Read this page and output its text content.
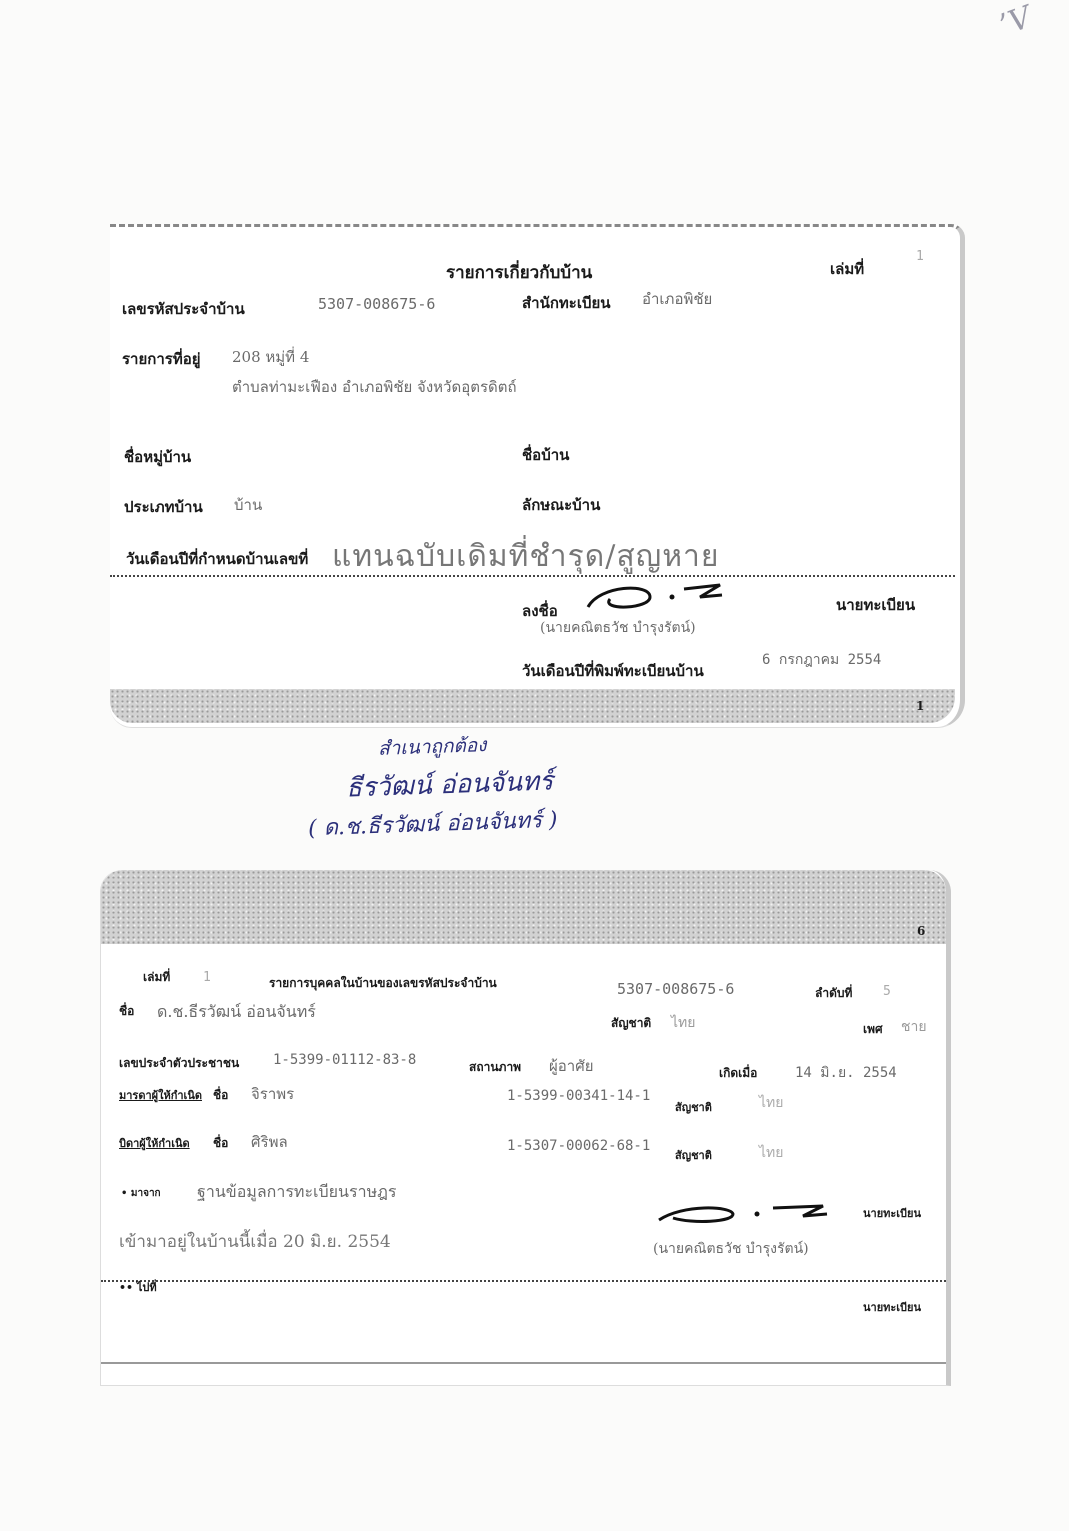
’V
รายการเกี่ยวกับบ้าน	เล่มที่
1
เลขรหัสประจำบ้าน	5307-008675-6	สำนักทะเบียน อำเภอพิชัย
รายการที่อยู่ 208 หมู่ที่ 4
ตำบลท่ามะเฟือง อำเภอพิชัย จังหวัดอุตรดิตถ์
ชื่อหมู่บ้าน	ชื่อบ้าน
ประเภทบ้าน บ้าน	ลักษณะบ้าน
วันเดือนปีที่กำหนดบ้านเลขที่ แทนฉบับเดิมที่ชำรุด/สูญหาย
ลงชื่อ	นายทะเบียน
(นายคณิตธวัช บำรุงรัตน์)
วันเดือนปีที่พิมพ์ทะเบียนบ้าน
6 กรกฎาคม 2554
1
สำเนาถูกต้อง
ธีรวัฒน์ อ่อนจันทร์
( ด.ช.ธีรวัฒน์ อ่อนจันทร์ )
6
เล่มที่	1	รายการบุคคลในบ้านของเลขรหัสประจำบ้าน	5307-008675-6	ลำดับที่ 5
ชื่อ ด.ช.ธีรวัฒน์ อ่อนจันทร์
สัญชาติ ไทย	เพศ ชาย
เลขประจำตัวประชาชน 1-5399-01112-83-8	สถานภาพ ผู้อาศัย	เกิดเมื่อ	14 มิ.ย. 2554
มารดาผู้ให้กำเนิด ชื่อ จิราพร	1-5399-00341-14-1
สัญชาติ	ไทย
บิดาผู้ให้กำเนิด ชื่อ ศิริพล	1-5307-00062-68-1
สัญชาติ	ไทย
• มาจาก ฐานข้อมูลการทะเบียนราษฎร
นายทะเบียน
เข้ามาอยู่ในบ้านนี้เมื่อ 20 มิ.ย. 2554	(นายคณิตธวัช บำรุงรัตน์)
•• ไปที่
นายทะเบียน
